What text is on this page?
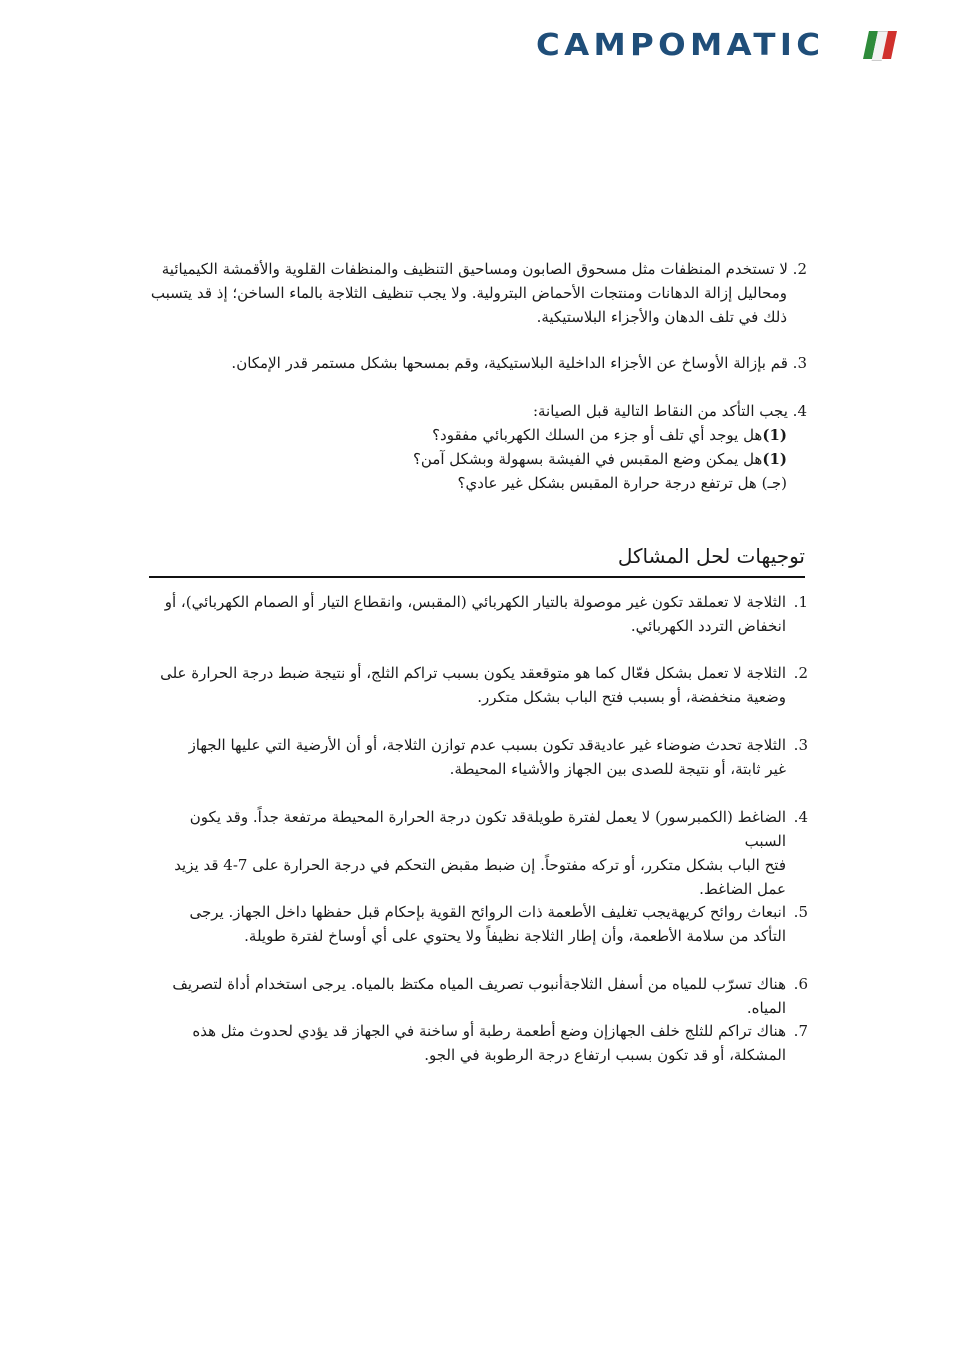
CAMPOMATIC
2. لا تستخدم المنظفات مثل مسحوق الصابون ومساحيق التنظيف والمنظفات القلوية والأقمشة الكيميائية
ومحاليل إزالة الدهانات ومنتجات الأحماض البترولية. ولا يجب تنظيف الثلاجة بالماء الساخن؛ إذ قد يتسبب
ذلك في تلف الدهان والأجزاء البلاستيكية.
3. قم بإزالة الأوساخ عن الأجزاء الداخلية البلاستيكية، وقم بمسحها بشكل مستمر قدر الإمكان.
4. يجب التأكد من النقاط التالية قبل الصيانة:
(1)هل يوجد أي تلف أو جزء من السلك الكهربائي مفقود؟
(1)هل يمكن وضع المقبس في الفيشة بسهولة وبشكل آمن؟
(جـ) هل ترتفع درجة حرارة المقبس بشكل غير عادي؟
توجيهات لحل المشاكل
1.
الثلاجة لا تعملقد تكون غير موصولة بالتيار الكهربائي (المقبس، وانقطاع التيار أو الصمام الكهربائي)، أو
انخفاض التردد الكهربائي.
2.
الثلاجة لا تعمل بشكل فعّال كما هو متوقعقد يكون بسبب تراكم الثلج، أو نتيجة ضبط درجة الحرارة على
وضعية منخفضة، أو بسبب فتح الباب بشكل متكرر.
3.
الثلاجة تحدث ضوضاء غير عاديةقد تكون بسبب عدم توازن الثلاجة، أو أن الأرضية التي عليها الجهاز
غير ثابتة، أو نتيجة للصدى بين الجهاز والأشياء المحيطة.
4.
الضاغط (الكمبرسور) لا يعمل لفترة طويلةقد تكون درجة الحرارة المحيطة مرتفعة جداً. وقد يكون السبب
فتح الباب بشكل متكرر، أو تركه مفتوحاً. إن ضبط مقبض التحكم في درجة الحرارة على 7-4 قد يزيد
عمل الضاغط.
5.
انبعاث روائح كريهةيجب تغليف الأطعمة ذات الروائح القوية بإحكام قبل حفظها داخل الجهاز. يرجى
التأكد من سلامة الأطعمة، وأن إطار الثلاجة نظيفاً ولا يحتوي على أي أوساخ لفترة طويلة.
6.
هناك تسرّب للمياه من أسفل الثلاجةأنبوب تصريف المياه مكتظ بالمياه. يرجى استخدام أداة لتصريف المياه.
7.
هناك تراكم للثلج خلف الجهازإن وضع أطعمة رطبة أو ساخنة في الجهاز قد يؤدي لحدوث مثل هذه
المشكلة، أو قد تكون بسبب ارتفاع درجة الرطوبة في الجو.
